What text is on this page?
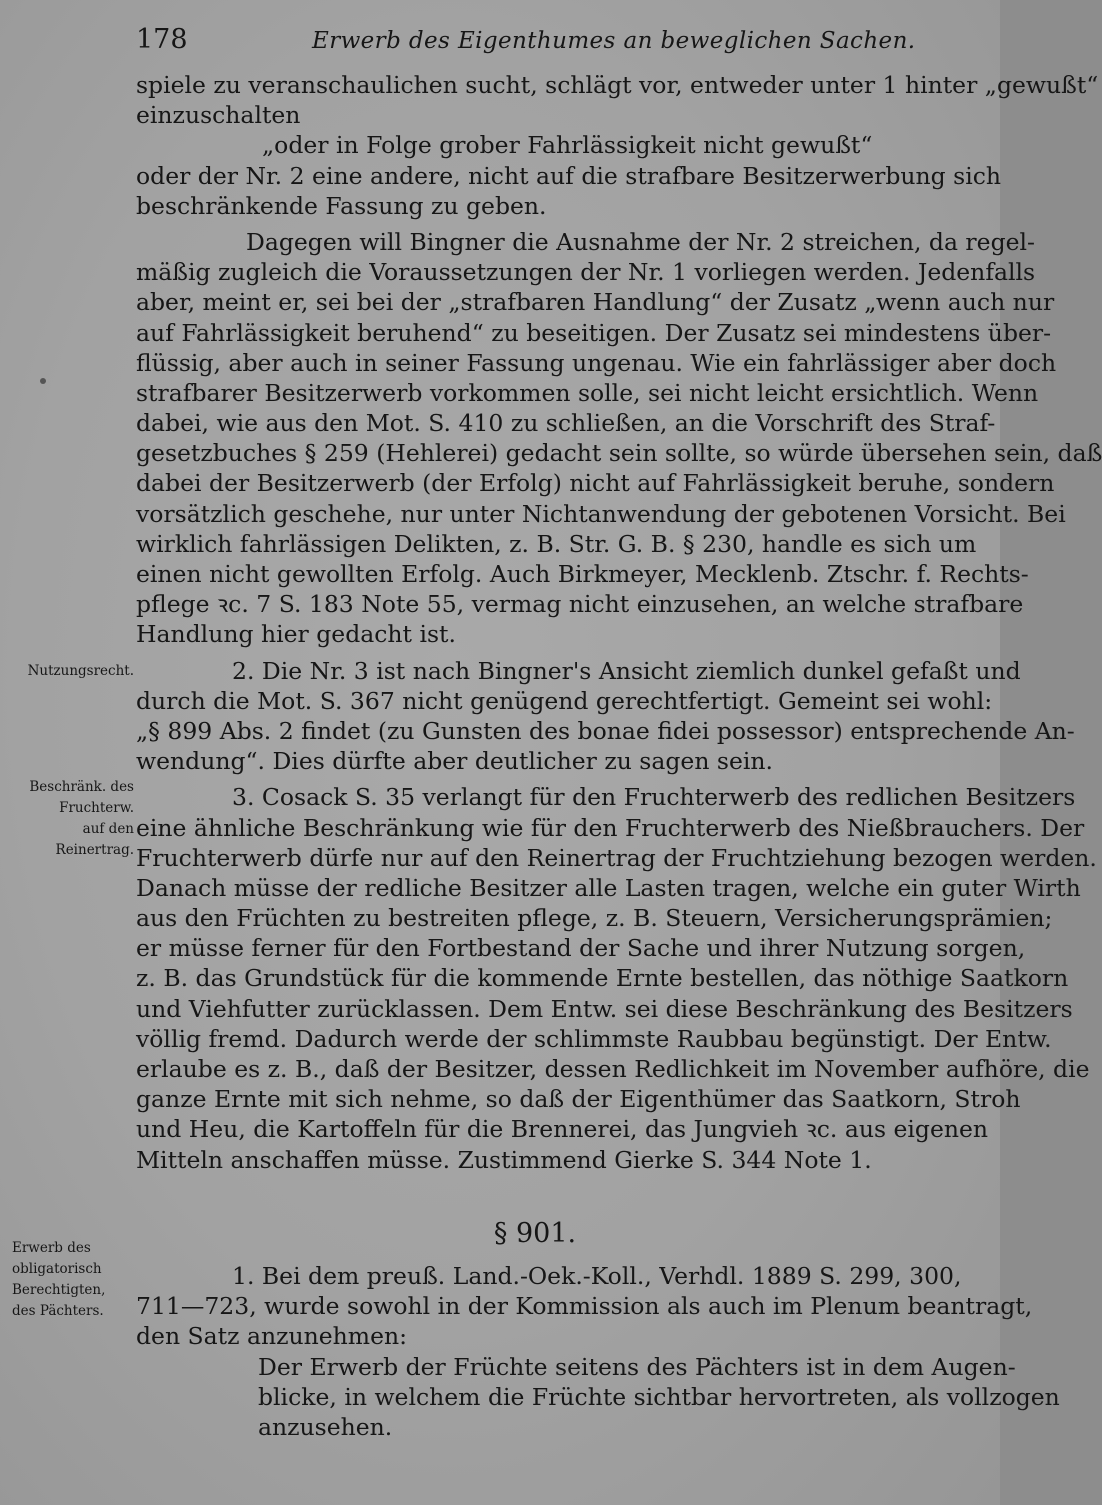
178	Erwerb des Eigenthumes an beweglichen Sachen.
Nutzungsrecht.
Beschränk. des
Fruchterw.
auf den
Reinertrag.
Erwerb des
obligatorisch
Berechtigten,
des Pächters.
spiele zu veranschaulichen sucht, schlägt vor, entweder unter 1 hinter „gewußt“
einzuschalten
„oder in Folge grober Fahrlässigkeit nicht gewußt“
oder der Nr. 2 eine andere, nicht auf die strafbare Besitzerwerbung sich
beschränkende Fassung zu geben.
Dagegen will Bingner die Ausnahme der Nr. 2 streichen, da regel-
mäßig zugleich die Voraussetzungen der Nr. 1 vorliegen werden. Jedenfalls
aber, meint er, sei bei der „strafbaren Handlung“ der Zusatz „wenn auch nur
auf Fahrlässigkeit beruhend“ zu beseitigen. Der Zusatz sei mindestens über-
flüssig, aber auch in seiner Fassung ungenau. Wie ein fahrlässiger aber doch
strafbarer Besitzerwerb vorkommen solle, sei nicht leicht ersichtlich. Wenn
dabei, wie aus den Mot. S. 410 zu schließen, an die Vorschrift des Straf-
gesetzbuches § 259 (Hehlerei) gedacht sein sollte, so würde übersehen sein, daß
dabei der Besitzerwerb (der Erfolg) nicht auf Fahrlässigkeit beruhe, sondern
vorsätzlich geschehe, nur unter Nichtanwendung der gebotenen Vorsicht. Bei
wirklich fahrlässigen Delikten, z. B. Str. G. B. § 230, handle es sich um
einen nicht gewollten Erfolg. Auch Birkmeyer, Mecklenb. Ztschr. f. Rechts-
pflege ꝛc. 7 S. 183 Note 55, vermag nicht einzusehen, an welche strafbare
Handlung hier gedacht ist.
2. Die Nr. 3 ist nach Bingner's Ansicht ziemlich dunkel gefaßt und
durch die Mot. S. 367 nicht genügend gerechtfertigt. Gemeint sei wohl:
„§ 899 Abs. 2 findet (zu Gunsten des bonae fidei possessor) entsprechende An-
wendung“. Dies dürfte aber deutlicher zu sagen sein.
3. Cosack S. 35 verlangt für den Fruchterwerb des redlichen Besitzers
eine ähnliche Beschränkung wie für den Fruchterwerb des Nießbrauchers. Der
Fruchterwerb dürfe nur auf den Reinertrag der Fruchtziehung bezogen werden.
Danach müsse der redliche Besitzer alle Lasten tragen, welche ein guter Wirth
aus den Früchten zu bestreiten pflege, z. B. Steuern, Versicherungsprämien;
er müsse ferner für den Fortbestand der Sache und ihrer Nutzung sorgen,
z. B. das Grundstück für die kommende Ernte bestellen, das nöthige Saatkorn
und Viehfutter zurücklassen. Dem Entw. sei diese Beschränkung des Besitzers
völlig fremd. Dadurch werde der schlimmste Raubbau begünstigt. Der Entw.
erlaube es z. B., daß der Besitzer, dessen Redlichkeit im November aufhöre, die
ganze Ernte mit sich nehme, so daß der Eigenthümer das Saatkorn, Stroh
und Heu, die Kartoffeln für die Brennerei, das Jungvieh ꝛc. aus eigenen
Mitteln anschaffen müsse. Zustimmend Gierke S. 344 Note 1.
§ 901.
1. Bei dem preuß. Land.-Oek.-Koll., Verhdl. 1889 S. 299, 300,
711—723, wurde sowohl in der Kommission als auch im Plenum beantragt,
den Satz anzunehmen:
Der Erwerb der Früchte seitens des Pächters ist in dem Augen-
blicke, in welchem die Früchte sichtbar hervortreten, als vollzogen
anzusehen.
